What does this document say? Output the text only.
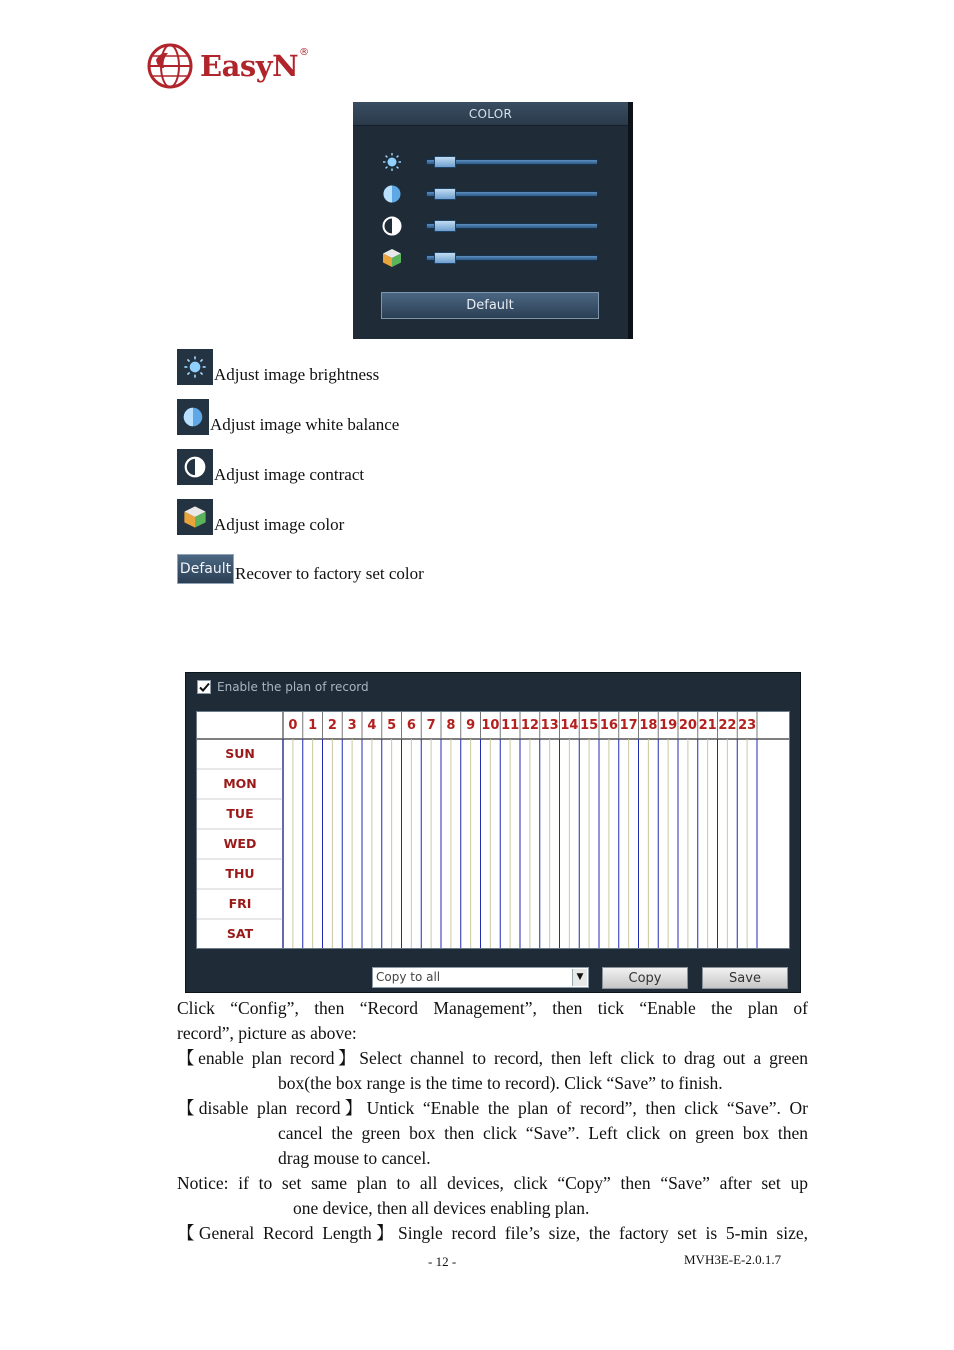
EasyN ®
COLOR
Default
Adjust image brightness
Adjust image white balance
Adjust image contract
Adjust image color
Default Recover to factory set color
Enable the plan of record
0 1 2 3 4 5 6 7 8 9 10 11 12 13 14 15 16 17 18 19 20 21 22 23
SUN
MON
TUE
WED
THU
FRI
SAT
Copy to all	▼	Copy	Save
Click “Config”, then “Record Management”, then tick “Enable the plan of
record”, picture as above:
【enable plan record】Select channel to record, then left click to drag out a green
box(the box range is the time to record). Click “Save” to finish.
【disable plan record】Untick “Enable the plan of record”, then click “Save”. Or
cancel the green box then click “Save”. Left click on green box then
drag mouse to cancel.
Notice: if to set same plan to all devices, click “Copy” then “Save” after set up
one device, then all devices enabling plan.
【General Record Length】Single record file’s size, the factory set is 5-min size,
- 12 -	MVH3E-E-2.0.1.7
